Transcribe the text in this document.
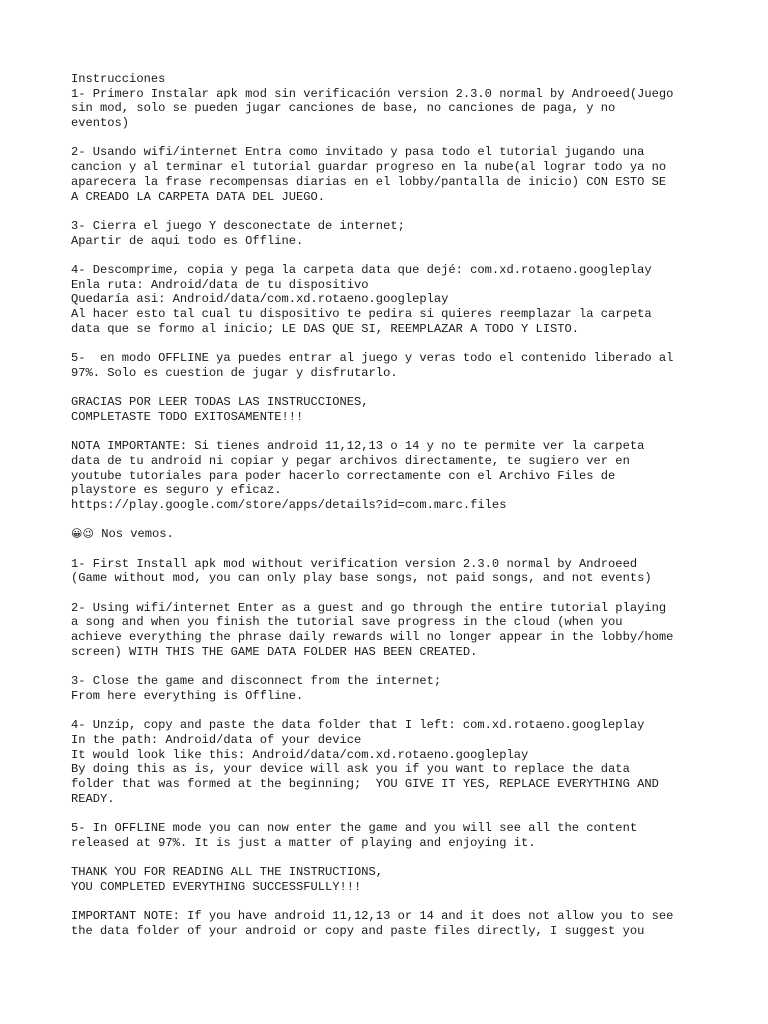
Instrucciones
1- Primero Instalar apk mod sin verificación version 2.3.0 normal by Androeed(Juego
sin mod, solo se pueden jugar canciones de base, no canciones de paga, y no
eventos)
2- Usando wifi/internet Entra como invitado y pasa todo el tutorial jugando una
cancion y al terminar el tutorial guardar progreso en la nube(al lograr todo ya no
aparecera la frase recompensas diarias en el lobby/pantalla de inicio) CON ESTO SE
A CREADO LA CARPETA DATA DEL JUEGO.
3- Cierra el juego Y desconectate de internet;
Apartir de aqui todo es Offline.
4- Descomprime, copia y pega la carpeta data que dejé: com.xd.rotaeno.googleplay
Enla ruta: Android/data de tu dispositivo
Quedaría asi: Android/data/com.xd.rotaeno.googleplay
Al hacer esto tal cual tu dispositivo te pedira si quieres reemplazar la carpeta
data que se formo al inicio; LE DAS QUE SI, REEMPLAZAR A TODO Y LISTO.
5-  en modo OFFLINE ya puedes entrar al juego y veras todo el contenido liberado al
97%. Solo es cuestion de jugar y disfrutarlo.
GRACIAS POR LEER TODAS LAS INSTRUCCIONES,
COMPLETASTE TODO EXITOSAMENTE!!!
NOTA IMPORTANTE: Si tienes android 11,12,13 o 14 y no te permite ver la carpeta
data de tu android ni copiar y pegar archivos directamente, te sugiero ver en
youtube tutoriales para poder hacerlo correctamente con el Archivo Files de
playstore es seguro y eficaz.
https://play.google.com/store/apps/details?id=com.marc.files
😀😉 Nos vemos.
1- First Install apk mod without verification version 2.3.0 normal by Androeed
(Game without mod, you can only play base songs, not paid songs, and not events)
2- Using wifi/internet Enter as a guest and go through the entire tutorial playing
a song and when you finish the tutorial save progress in the cloud (when you
achieve everything the phrase daily rewards will no longer appear in the lobby/home
screen) WITH THIS THE GAME DATA FOLDER HAS BEEN CREATED.
3- Close the game and disconnect from the internet;
From here everything is Offline.
4- Unzip, copy and paste the data folder that I left: com.xd.rotaeno.googleplay
In the path: Android/data of your device
It would look like this: Android/data/com.xd.rotaeno.googleplay
By doing this as is, your device will ask you if you want to replace the data
folder that was formed at the beginning;  YOU GIVE IT YES, REPLACE EVERYTHING AND
READY.
5- In OFFLINE mode you can now enter the game and you will see all the content
released at 97%. It is just a matter of playing and enjoying it.
THANK YOU FOR READING ALL THE INSTRUCTIONS,
YOU COMPLETED EVERYTHING SUCCESSFULLY!!!
IMPORTANT NOTE: If you have android 11,12,13 or 14 and it does not allow you to see
the data folder of your android or copy and paste files directly, I suggest you
